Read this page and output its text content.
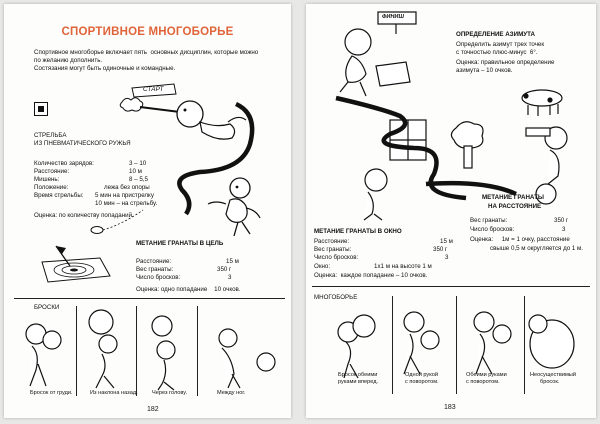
СПОРТИВНОЕ МНОГОБОРЬЕ
Спортивное многоборье включает пять  основных дисциплин, которые можно
по желанию дополнить.
Состязания могут быть одиночные и командные.
СТАРТ
СТРЕЛЬБА
ИЗ ПНЕВМАТИЧЕСКОГО РУЖЬЯ
Количество зарядов:	3 – 10
Расстояние:	10 м
Мишень:	8 – 5,5
Положение:	лежа без опоры
Время стрельбы: 5 мин на пристрелку
10 мин – на стрельбу.
Оценка: по количеству попаданий.
МЕТАНИЕ ГРАНАТЫ В ЦЕЛЬ
Расстояние:	15 м
Вес гранаты:	350 г
Число бросков:	3
Оценка: одно попадание    10 очков.
БРОСКИ
Бросок от груди.	Из наклона назад.	Через голову.	Между ног.
182
ФИНИШ
ОПРЕДЕЛЕНИЕ АЗИМУТА
Определить азимут трех точек
с точностью плюс-минус  6°.
Оценка: правильное определение
азимута – 10 очков.
МЕТАНИЕ ГРАНАТЫ
НА РАССТОЯНИЕ
Вес гранаты:	350 г
Число бросков:	3
Оценка:     1м = 1 очку, расстояние
свыше 0,5 м округляется до 1 м.
МЕТАНИЕ ГРАНАТЫ В ОКНО
Расстояние:	15 м
Вес гранаты:	350 г
Число бросков:	3
Окно:	1х1 м на высоте 1 м
Оценка:  каждое попадание – 10 очков.
МНОГОБОРЬЕ
Бросок обеими
руками вперед.
Одной рукой
с поворотом.
Обеими руками
с поворотом.
Неосуществимый
бросок.
183
